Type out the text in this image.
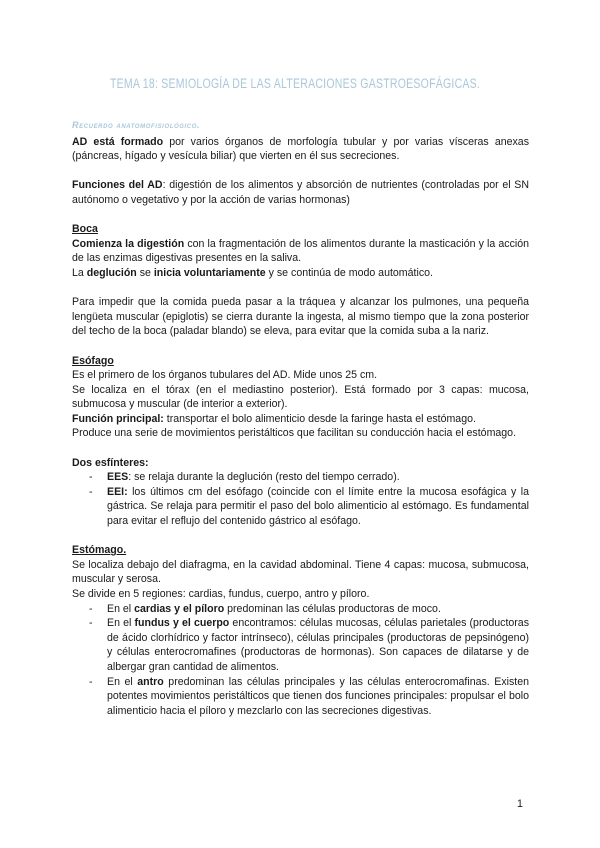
TEMA 18: SEMIOLOGÍA DE LAS ALTERACIONES GASTROESOFÁGICAS.
Recuerdo anatomofisiológico.

AD está formado por varios órganos de morfología tubular y por varias vísceras anexas (páncreas, hígado y vesícula biliar) que vierten en él sus secreciones.

Funciones del AD: digestión de los alimentos y absorción de nutrientes (controladas por el SN autónomo o vegetativo y por la acción de varias hormonas)

Boca

Comienza la digestión con la fragmentación de los alimentos durante la masticación y la acción de las enzimas digestivas presentes en la saliva.

La deglución se inicia voluntariamente y se continúa de modo automático.

Para impedir que la comida pueda pasar a la tráquea y alcanzar los pulmones, una pequeña lengüeta muscular (epiglotis) se cierra durante la ingesta, al mismo tiempo que la zona posterior del techo de la boca (paladar blando) se eleva, para evitar que la comida suba a la nariz.

Esófago

Es el primero de los órganos tubulares del AD. Mide unos 25 cm.

Se localiza en el tórax (en el mediastino posterior). Está formado por 3 capas: mucosa, submucosa y muscular (de interior a exterior).

Función principal: transportar el bolo alimenticio desde la faringe hasta el estómago.

Produce una serie de movimientos peristálticos que facilitan su conducción hacia el estómago.

Dos esfínteres:

- EES: se relaja durante la deglución (resto del tiempo cerrado).
- EEI: los últimos cm del esófago (coincide con el límite entre la mucosa esofágica y la gástrica. Se relaja para permitir el paso del bolo alimenticio al estómago. Es fundamental para evitar el reflujo del contenido gástrico al esófago.

Estómago.

Se localiza debajo del diafragma, en la cavidad abdominal. Tiene 4 capas: mucosa, submucosa, muscular y serosa.

Se divide en 5 regiones: cardias, fundus, cuerpo, antro y píloro.

- En el cardias y el píloro predominan las células productoras de moco.
- En el fundus y el cuerpo encontramos: células mucosas, células parietales (productoras de ácido clorhídrico y factor intrínseco), células principales (productoras de pepsinógeno) y células enterocromafines (productoras de hormonas). Son capaces de dilatarse y de albergar gran cantidad de alimentos.
- En el antro predominan las células principales y las células enterocromafinas. Existen potentes movimientos peristálticos que tienen dos funciones principales: propulsar el bolo alimenticio hacia el píloro y mezclarlo con las secreciones digestivas.
1
